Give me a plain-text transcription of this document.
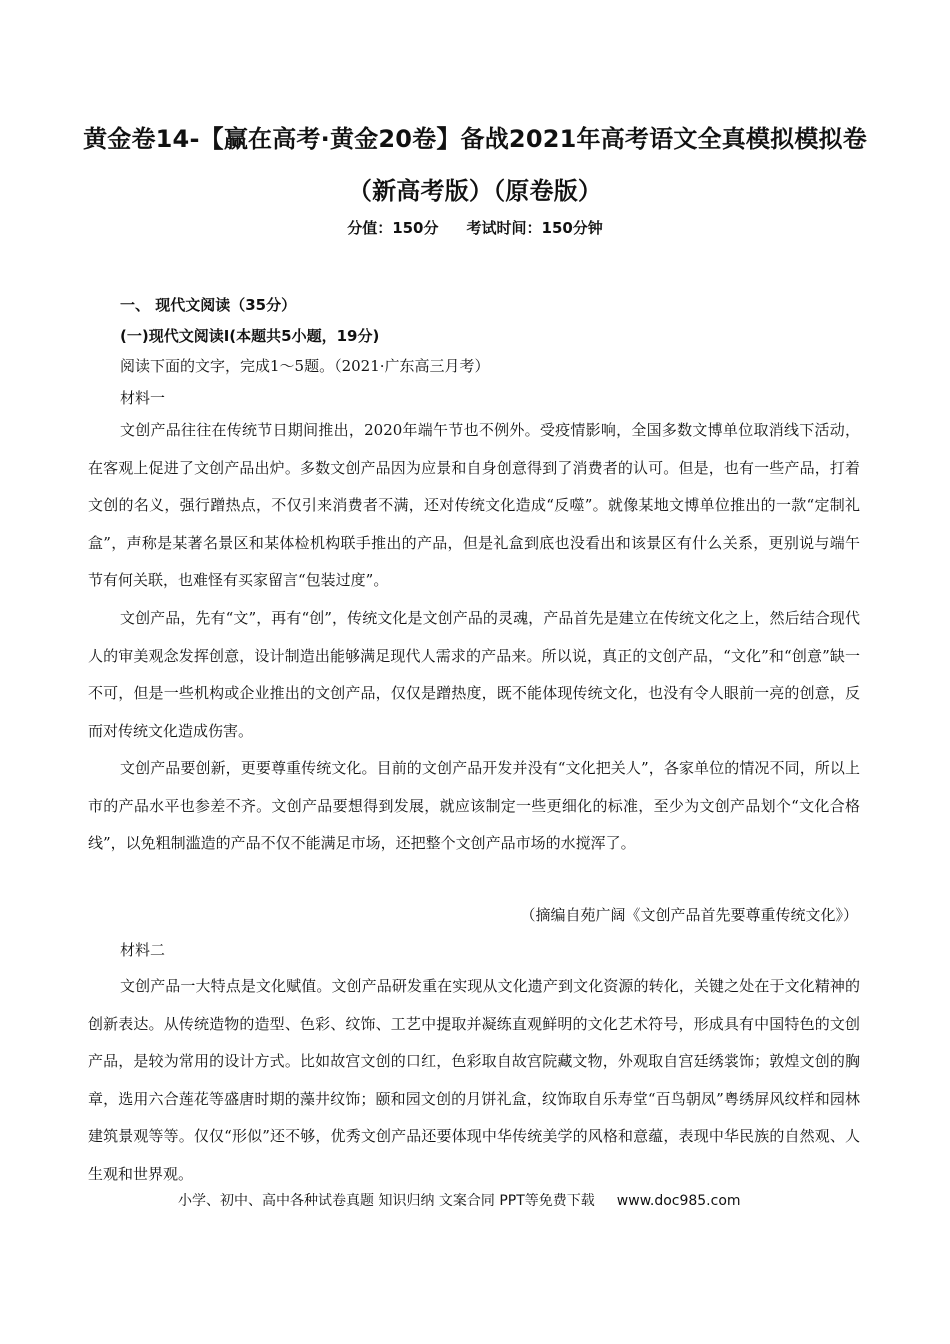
黄金卷14-【赢在高考·黄金20卷】备战2021年高考语文全真模拟模拟卷
（新高考版）（原卷版）
分值：150分 考试时间：150分钟
一、 现代文阅读（35分）
(一)现代文阅读Ⅰ(本题共5小题，19分)
阅读下面的文字，完成1～5题。（2021·广东高三月考）
材料一

文创产品往往在传统节日期间推出，2020年端午节也不例外。受疫情影响，全国多数文博单位取消线下活动，在客观上促进了文创产品出炉。多数文创产品因为应景和自身创意得到了消费者的认可。但是，也有一些产品，打着文创的名义，强行蹭热点，不仅引来消费者不满，还对传统文化造成“反噬”。就像某地文博单位推出的一款“定制礼盒”，声称是某著名景区和某体检机构联手推出的产品，但是礼盒到底也没看出和该景区有什么关系，更别说与端午节有何关联，也难怪有买家留言“包装过度”。

文创产品，先有“文”，再有“创”，传统文化是文创产品的灵魂，产品首先是建立在传统文化之上，然后结合现代人的审美观念发挥创意，设计制造出能够满足现代人需求的产品来。所以说，真正的文创产品，“文化”和“创意”缺一不可，但是一些机构或企业推出的文创产品，仅仅是蹭热度，既不能体现传统文化，也没有令人眼前一亮的创意，反而对传统文化造成伤害。

文创产品要创新，更要尊重传统文化。目前的文创产品开发并没有“文化把关人”，各家单位的情况不同，所以上市的产品水平也参差不齐。文创产品要想得到发展，就应该制定一些更细化的标准，至少为文创产品划个“文化合格线”，以免粗制滥造的产品不仅不能满足市场，还把整个文创产品市场的水搅浑了。

（摘编自苑广阔《文创产品首先要尊重传统文化》）
材料二

文创产品一大特点是文化赋值。文创产品研发重在实现从文化遗产到文化资源的转化，关键之处在于文化精神的创新表达。从传统造物的造型、色彩、纹饰、工艺中提取并凝练直观鲜明的文化艺术符号，形成具有中国特色的文创产品，是较为常用的设计方式。比如故宫文创的口红，色彩取自故宫院藏文物，外观取自宫廷绣裳饰；敦煌文创的胸章，选用六合莲花等盛唐时期的藻井纹饰；颐和园文创的月饼礼盒，纹饰取自乐寿堂“百鸟朝凤”粤绣屏风纹样和园林建筑景观等等。仅仅“形似”还不够，优秀文创产品还要体现中华传统美学的风格和意蕴，表现中华民族的自然观、人生观和世界观。

小学、初中、高中各种试卷真题 知识归纳 文案合同 PPT等免费下载 www.doc985.com
